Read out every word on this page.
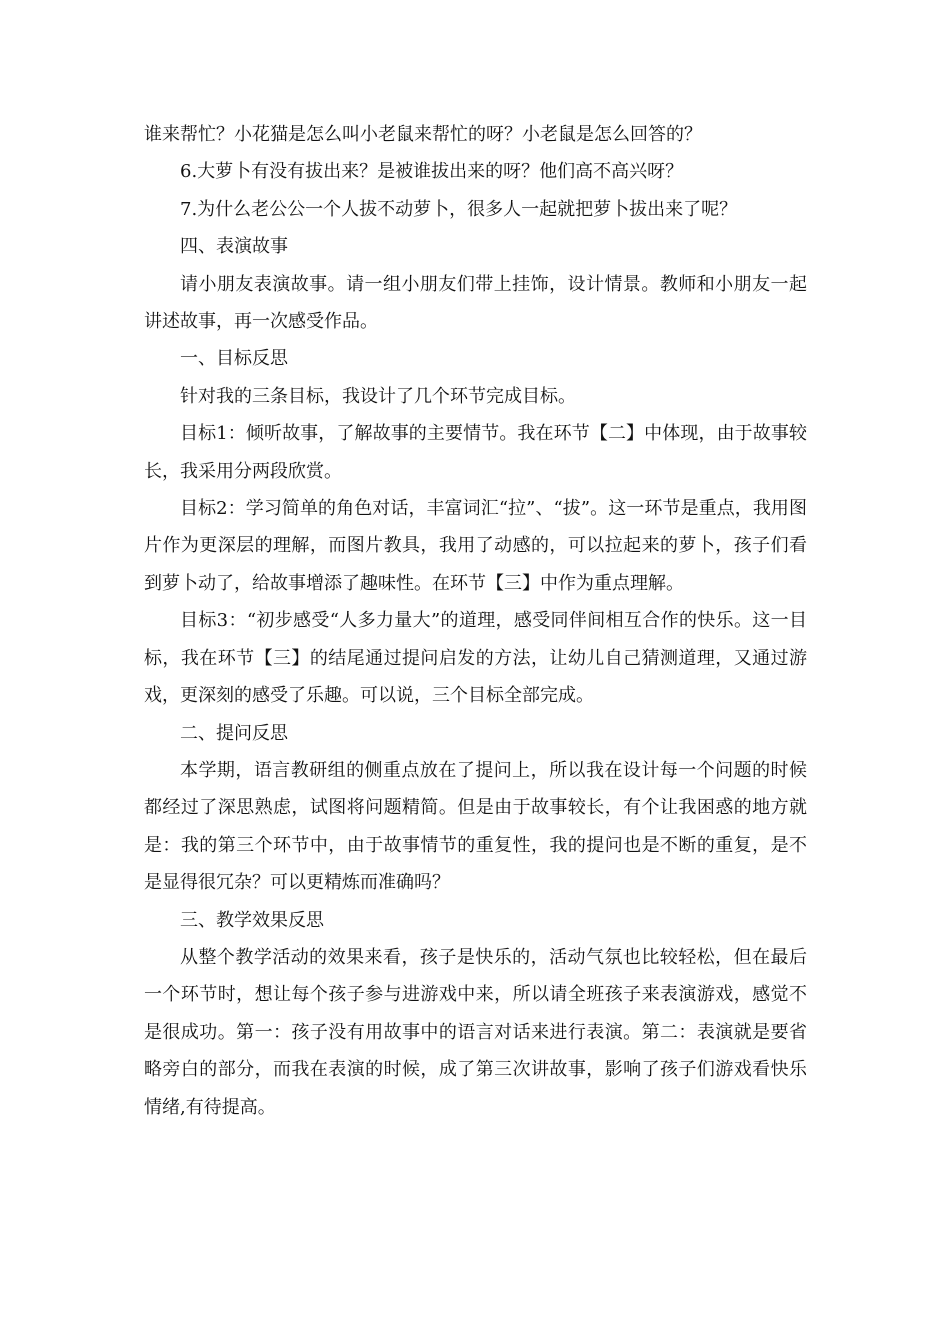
谁来帮忙？小花猫是怎么叫小老鼠来帮忙的呀？小老鼠是怎么回答的？

6.大萝卜有没有拔出来？是被谁拔出来的呀？他们高不高兴呀？

7.为什么老公公一个人拔不动萝卜，很多人一起就把萝卜拔出来了呢？

四、表演故事

请小朋友表演故事。请一组小朋友们带上挂饰，设计情景。教师和小朋友一起讲述故事，再一次感受作品。

一、目标反思

针对我的三条目标，我设计了几个环节完成目标。

目标1：倾听故事，了解故事的主要情节。我在环节【二】中体现，由于故事较长，我采用分两段欣赏。

目标2：学习简单的角色对话，丰富词汇“拉”、“拔”。这一环节是重点，我用图片作为更深层的理解，而图片教具，我用了动感的，可以拉起来的萝卜，孩子们看到萝卜动了，给故事增添了趣味性。在环节【三】中作为重点理解。

目标3：“初步感受“人多力量大”的道理，感受同伴间相互合作的快乐。这一目标，我在环节【三】的结尾通过提问启发的方法，让幼儿自己猜测道理，又通过游戏，更深刻的感受了乐趣。可以说，三个目标全部完成。

二、提问反思

本学期，语言教研组的侧重点放在了提问上，所以我在设计每一个问题的时候都经过了深思熟虑，试图将问题精简。但是由于故事较长，有个让我困惑的地方就是：我的第三个环节中，由于故事情节的重复性，我的提问也是不断的重复，是不是显得很冗杂？可以更精炼而准确吗？

三、教学效果反思

从整个教学活动的效果来看，孩子是快乐的，活动气氛也比较轻松，但在最后一个环节时，想让每个孩子参与进游戏中来，所以请全班孩子来表演游戏，感觉不是很成功。第一：孩子没有用故事中的语言对话来进行表演。第二：表演就是要省略旁白的部分，而我在表演的时候，成了第三次讲故事，影响了孩子们游戏看快乐情绪,有待提高。
